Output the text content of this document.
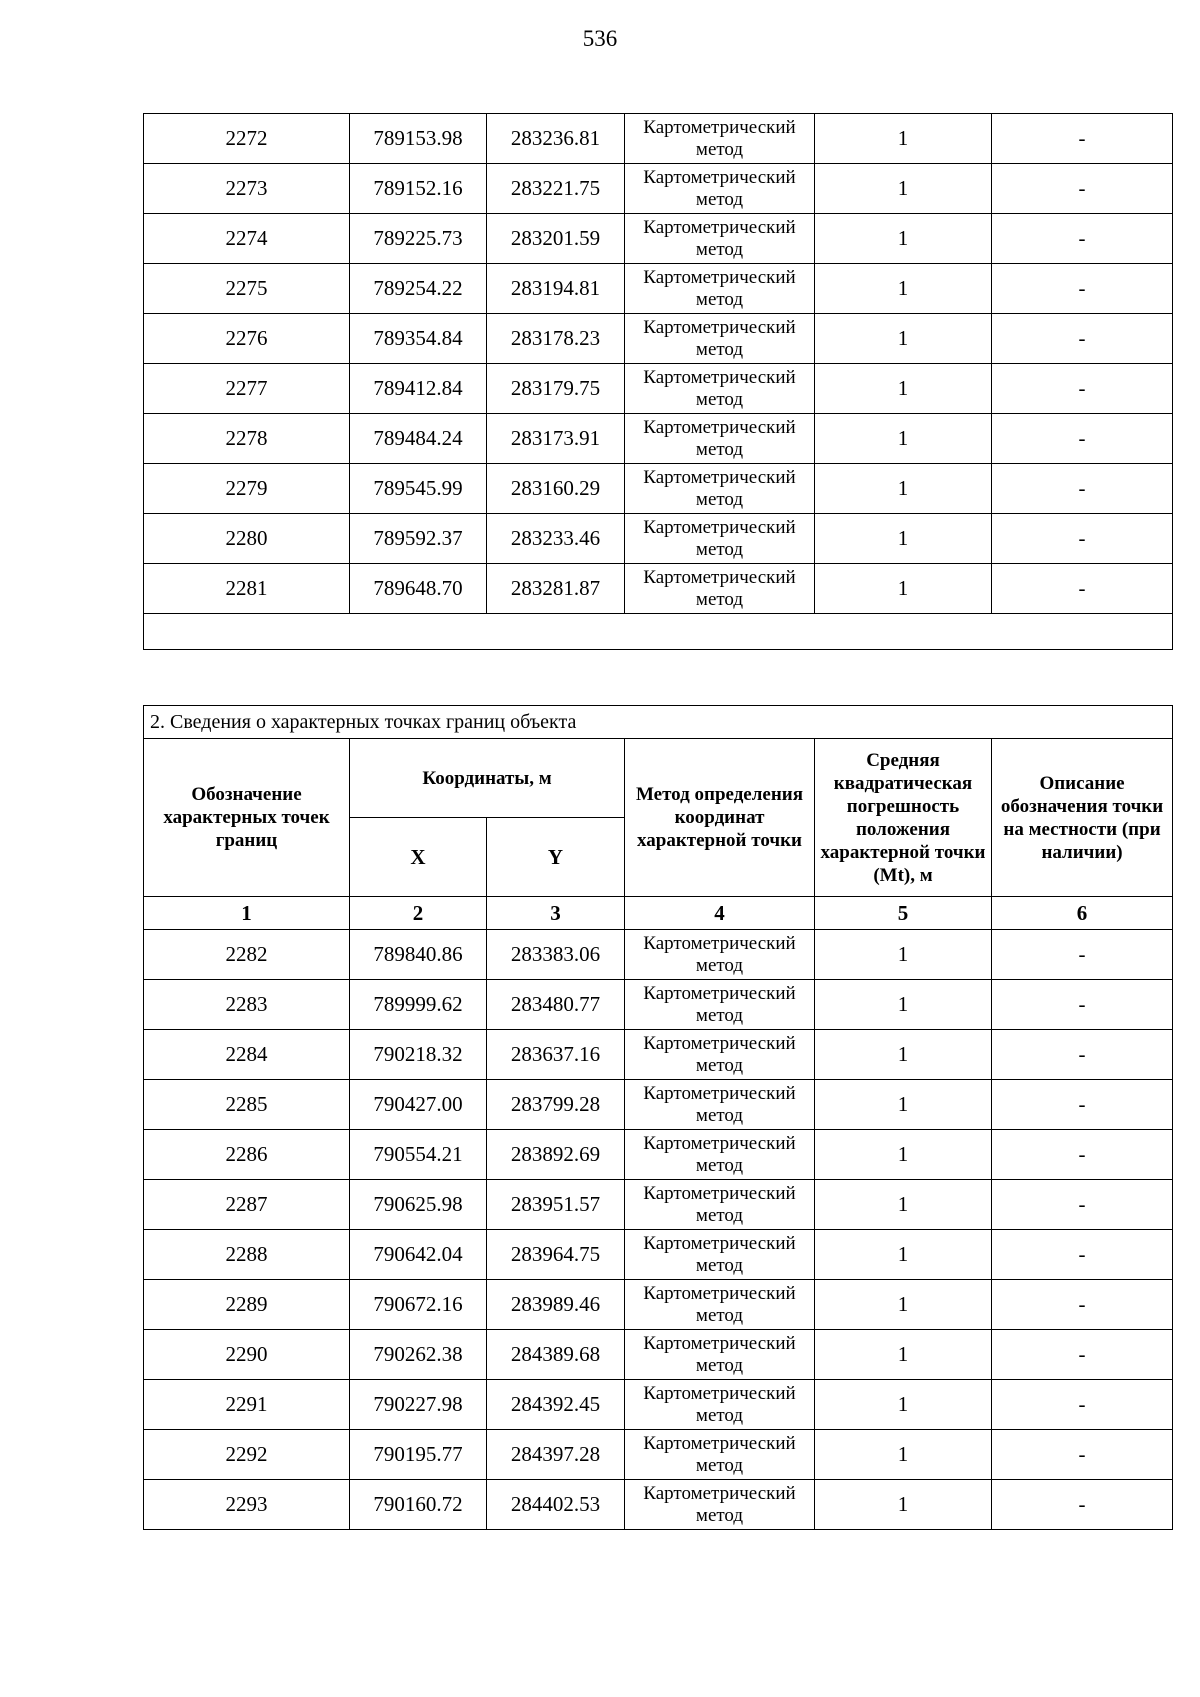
536
2272	789153.98	283236.81	Картометрический метод	1	-
2273	789152.16	283221.75	Картометрический метод	1	-
2274	789225.73	283201.59	Картометрический метод	1	-
2275	789254.22	283194.81	Картометрический метод	1	-
2276	789354.84	283178.23	Картометрический метод	1	-
2277	789412.84	283179.75	Картометрический метод	1	-
2278	789484.24	283173.91	Картометрический метод	1	-
2279	789545.99	283160.29	Картометрический метод	1	-
2280	789592.37	283233.46	Картометрический метод	1	-
2281	789648.70	283281.87	Картометрический метод	1	-

2. Сведения о характерных точках границ объекта					
Обозначение характерных точек границ	Координаты, м		Метод определения координат характерной точки	Средняя квадратическая погрешность положения характерной точки (Mt), м	Описание обозначения точки на местности (при наличии)
	X	Y			
1	2	3	4	5	6
2282	789840.86	283383.06	Картометрический метод	1	-
2283	789999.62	283480.77	Картометрический метод	1	-
2284	790218.32	283637.16	Картометрический метод	1	-
2285	790427.00	283799.28	Картометрический метод	1	-
2286	790554.21	283892.69	Картометрический метод	1	-
2287	790625.98	283951.57	Картометрический метод	1	-
2288	790642.04	283964.75	Картометрический метод	1	-
2289	790672.16	283989.46	Картометрический метод	1	-
2290	790262.38	284389.68	Картометрический метод	1	-
2291	790227.98	284392.45	Картометрический метод	1	-
2292	790195.77	284397.28	Картометрический метод	1	-
2293	790160.72	284402.53	Картометрический метод	1	-
